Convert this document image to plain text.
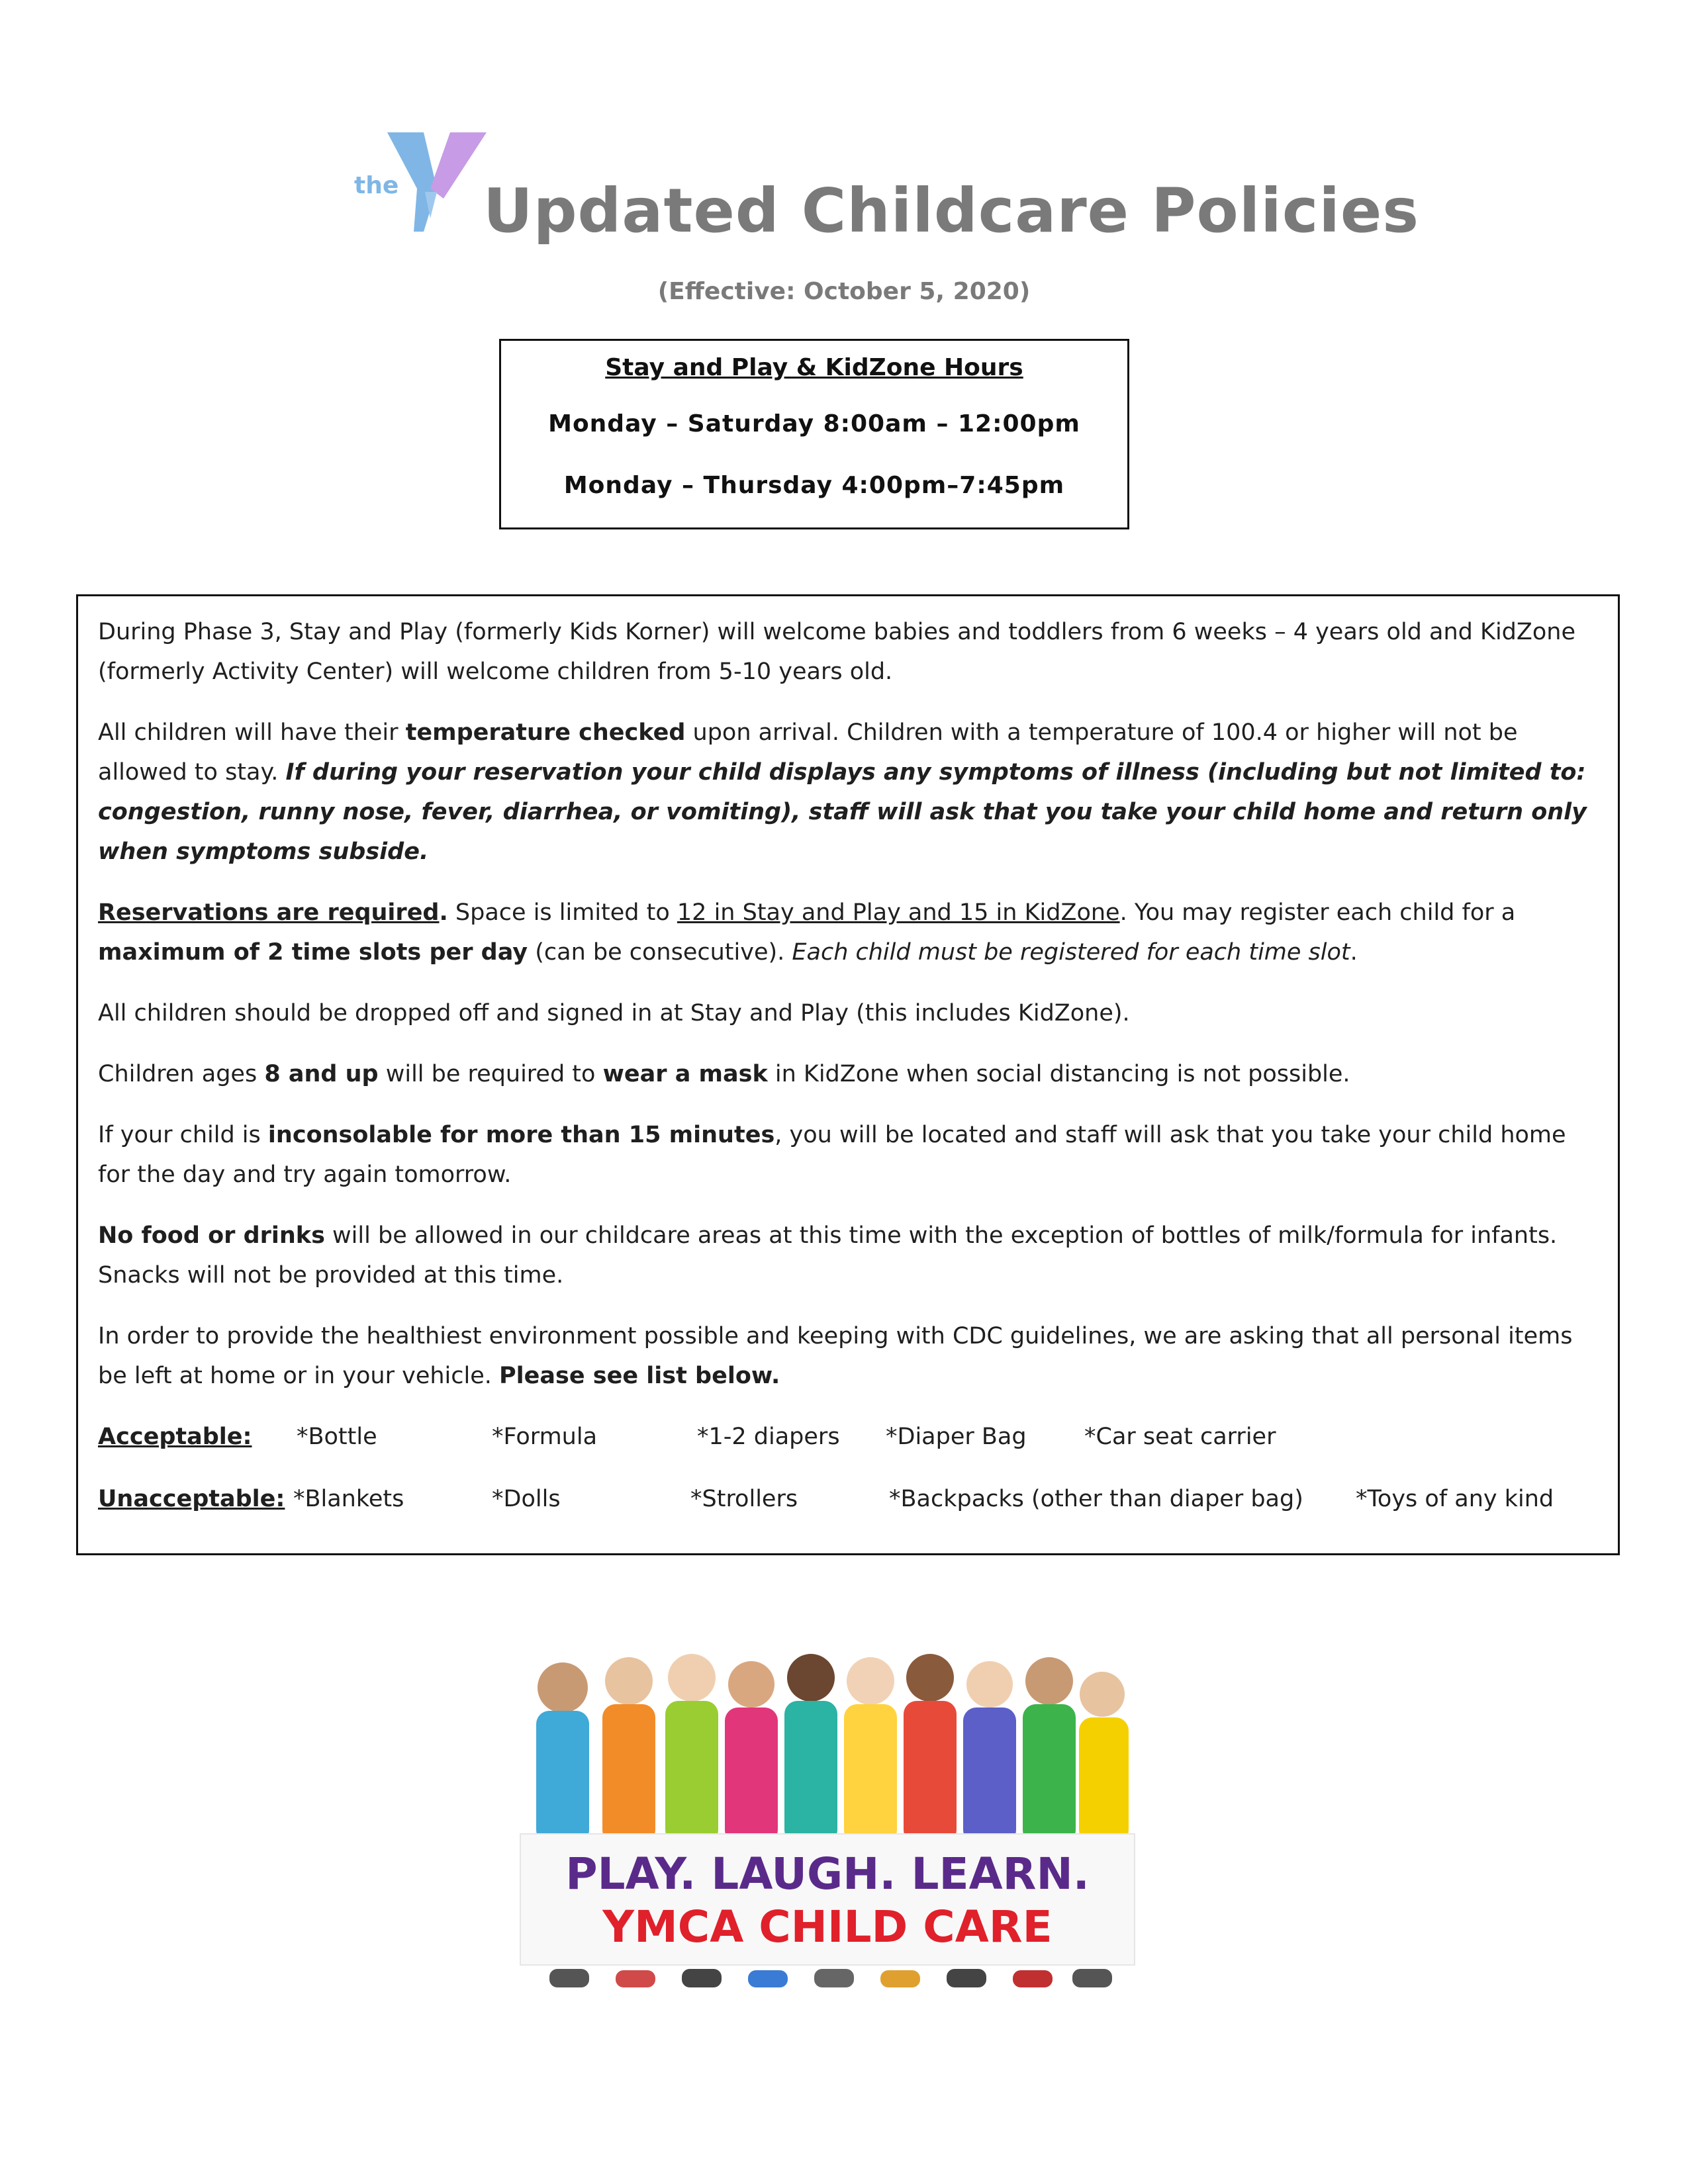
the Updated Childcare Policies
(Effective: October 5, 2020)
Stay and Play & KidZone Hours
Monday – Saturday 8:00am – 12:00pm
Monday – Thursday 4:00pm–7:45pm

During Phase 3, Stay and Play (formerly Kids Korner) will welcome babies and toddlers from 6 weeks – 4 years old and KidZone (formerly Activity Center) will welcome children from 5-10 years old.

All children will have their temperature checked upon arrival. Children with a temperature of 100.4 or higher will not be allowed to stay. If during your reservation your child displays any symptoms of illness (including but not limited to: congestion, runny nose, fever, diarrhea, or vomiting), staff will ask that you take your child home and return only when symptoms subside.

Reservations are required. Space is limited to 12 in Stay and Play and 15 in KidZone. You may register each child for a maximum of 2 time slots per day (can be consecutive). Each child must be registered for each time slot.

All children should be dropped off and signed in at Stay and Play (this includes KidZone).

Children ages 8 and up will be required to wear a mask in KidZone when social distancing is not possible.

If your child is inconsolable for more than 15 minutes, you will be located and staff will ask that you take your child home for the day and try again tomorrow.

No food or drinks will be allowed in our childcare areas at this time with the exception of bottles of milk/formula for infants. Snacks will not be provided at this time.

In order to provide the healthiest environment possible and keeping with CDC guidelines, we are asking that all personal items be left at home or in your vehicle. Please see list below.

Acceptable: *Bottle	*Formula	*1-2 diapers *Diaper Bag *Car seat carrier
Unacceptable: *Blankets	*Dolls	*Strollers	*Backpacks (other than diaper bag) *Toys of any kind
PLAY. LAUGH. LEARN.
YMCA CHILD CARE
